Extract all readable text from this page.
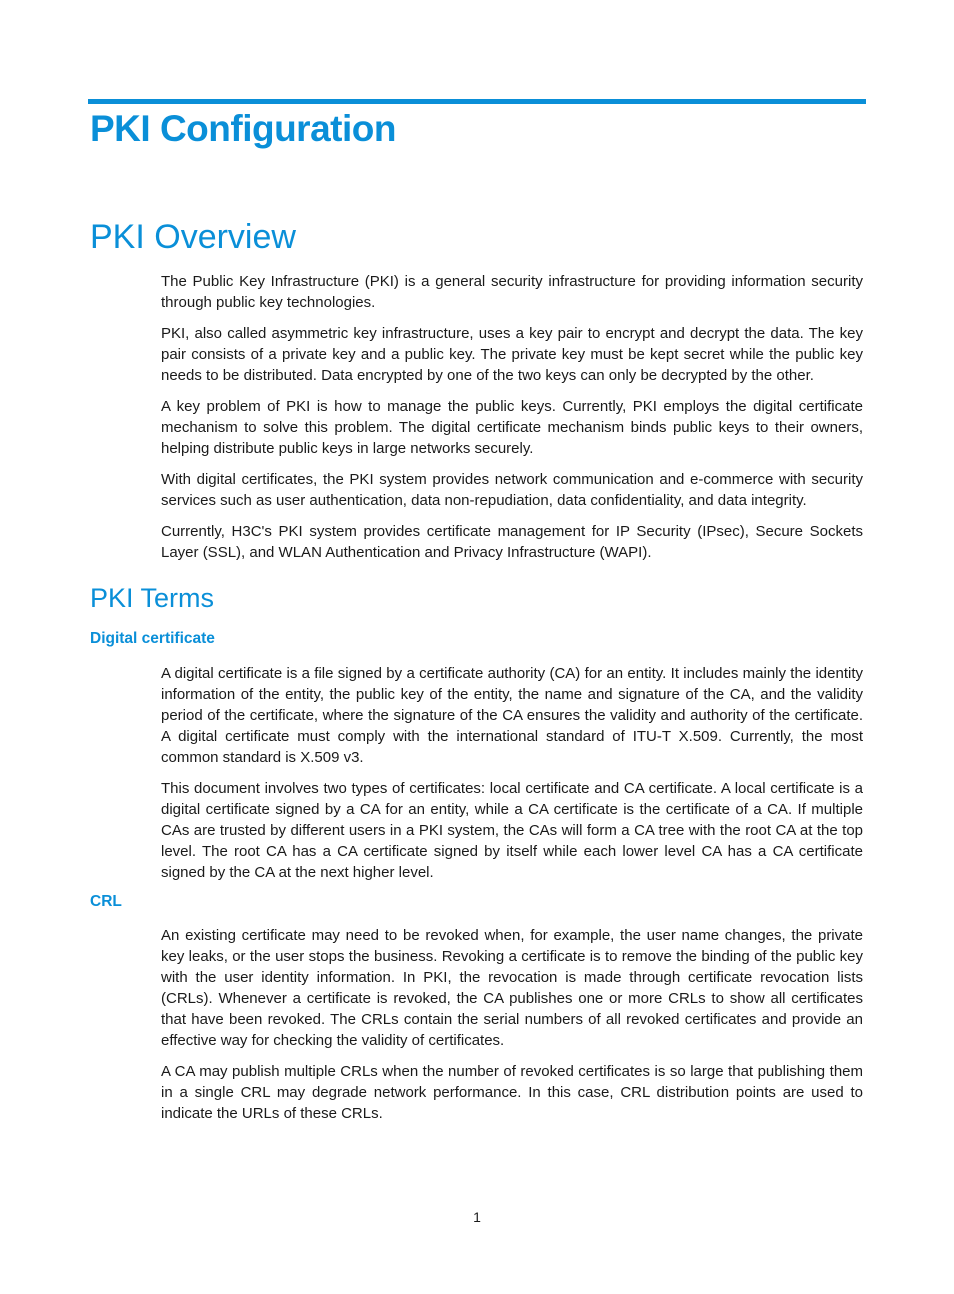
PKI Configuration
PKI Overview

The Public Key Infrastructure (PKI) is a general security infrastructure for providing information security through public key technologies.

PKI, also called asymmetric key infrastructure, uses a key pair to encrypt and decrypt the data. The key pair consists of a private key and a public key. The private key must be kept secret while the public key needs to be distributed. Data encrypted by one of the two keys can only be decrypted by the other.

A key problem of PKI is how to manage the public keys. Currently, PKI employs the digital certificate mechanism to solve this problem. The digital certificate mechanism binds public keys to their owners, helping distribute public keys in large networks securely.

With digital certificates, the PKI system provides network communication and e-commerce with security services such as user authentication, data non-repudiation, data confidentiality, and data integrity.

Currently, H3C's PKI system provides certificate management for IP Security (IPsec), Secure Sockets Layer (SSL), and WLAN Authentication and Privacy Infrastructure (WAPI).

PKI Terms
Digital certificate

A digital certificate is a file signed by a certificate authority (CA) for an entity. It includes mainly the identity information of the entity, the public key of the entity, the name and signature of the CA, and the validity period of the certificate, where the signature of the CA ensures the validity and authority of the certificate. A digital certificate must comply with the international standard of ITU-T X.509. Currently, the most common standard is X.509 v3.

This document involves two types of certificates: local certificate and CA certificate. A local certificate is a digital certificate signed by a CA for an entity, while a CA certificate is the certificate of a CA. If multiple CAs are trusted by different users in a PKI system, the CAs will form a CA tree with the root CA at the top level. The root CA has a CA certificate signed by itself while each lower level CA has a CA certificate signed by the CA at the next higher level.

CRL

An existing certificate may need to be revoked when, for example, the user name changes, the private key leaks, or the user stops the business. Revoking a certificate is to remove the binding of the public key with the user identity information. In PKI, the revocation is made through certificate revocation lists (CRLs). Whenever a certificate is revoked, the CA publishes one or more CRLs to show all certificates that have been revoked. The CRLs contain the serial numbers of all revoked certificates and provide an effective way for checking the validity of certificates.

A CA may publish multiple CRLs when the number of revoked certificates is so large that publishing them in a single CRL may degrade network performance. In this case, CRL distribution points are used to indicate the URLs of these CRLs.

1
